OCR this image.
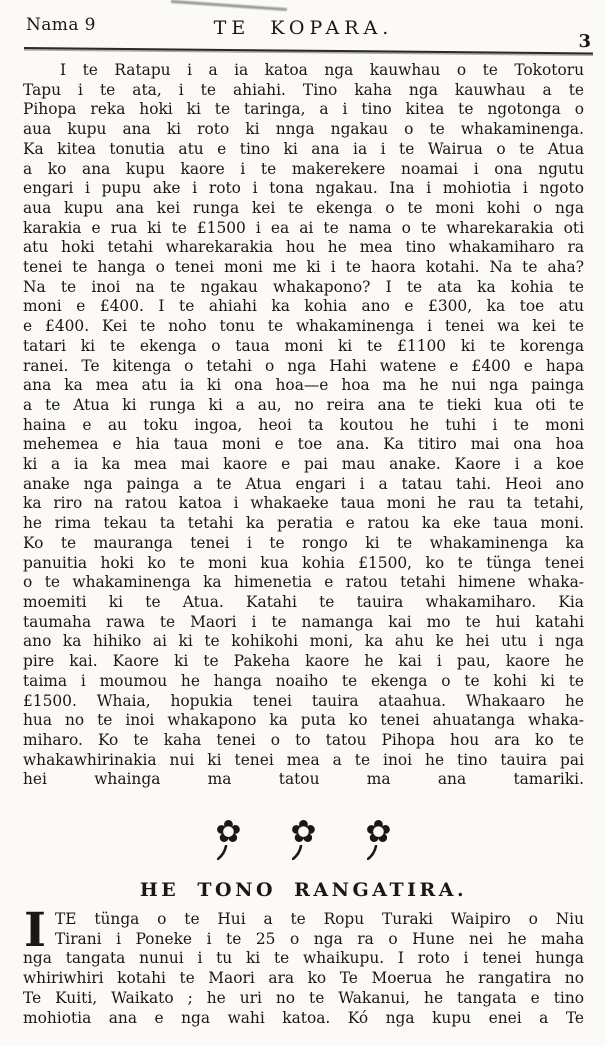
Nama 9	TE KOPARA.
3
I te Ratapu i a ia katoa nga kauwhau o te Tokotoru
Tapu i te ata, i te ahiahi. Tino kaha nga kauwhau a te
Pihopa reka hoki ki te taringa, a i tino kitea te ngotonga o
aua kupu ana ki roto ki nnga ngakau o te whakaminenga.
Ka kitea tonutia atu e tino ki ana ia i te Wairua o te Atua
a ko ana kupu kaore i te makerekere noamai i ona ngutu
engari i pupu ake i roto i tona ngakau. Ina i mohiotia i ngoto
aua kupu ana kei runga kei te ekenga o te moni kohi o nga
karakia e rua ki te £1500 i ea ai te nama o te wharekarakia oti
atu hoki tetahi wharekarakia hou he mea tino whakamiharo ra
tenei te hanga o tenei moni me ki i te haora kotahi. Na te aha?
Na te inoi na te ngakau whakapono? I te ata ka kohia te
moni e £400. I te ahiahi ka kohia ano e £300, ka toe atu
e £400. Kei te noho tonu te whakaminenga i tenei wa kei te
tatari ki te ekenga o taua moni ki te £1100 ki te korenga
ranei. Te kitenga o tetahi o nga Hahi watene e £400 e hapa
ana ka mea atu ia ki ona hoa—e hoa ma he nui nga painga
a te Atua ki runga ki a au, no reira ana te tieki kua oti te
haina e au toku ingoa, heoi ta koutou he tuhi i te moni
mehemea e hia taua moni e toe ana. Ka titiro mai ona hoa
ki a ia ka mea mai kaore e pai mau anake. Kaore i a koe
anake nga painga a te Atua engari i a tatau tahi. Heoi ano
ka riro na ratou katoa i whakaeke taua moni he rau ta tetahi,
he rima tekau ta tetahi ka peratia e ratou ka eke taua moni.
Ko te mauranga tenei i te rongo ki te whakaminenga ka
panuitia hoki ko te moni kua kohia £1500, ko te tünga tenei
o te whakaminenga ka himenetia e ratou tetahi himene whaka-
moemiti ki te Atua. Katahi te tauira whakamiharo. Kia
taumaha rawa te Maori i te namanga kai mo te hui katahi
ano ka hihiko ai ki te kohikohi moni, ka ahu ke hei utu i nga
pire kai. Kaore ki te Pakeha kaore he kai i pau, kaore he
taima i moumou he hanga noaiho te ekenga o te kohi ki te
£1500. Whaia, hopukia tenei tauira ataahua. Whakaaro he
hua no te inoi whakapono ka puta ko tenei ahuatanga whaka-
miharo. Ko te kaha tenei o to tatou Pihopa hou ara ko te
whakawhirinakia nui ki tenei mea a te inoi he tino tauira pai
hei whainga ma tatou ma ana tamariki.
✿ ✿ ✿
HE TONO RANGATIRA.
I TE tünga o te Hui a te Ropu Turaki Waipiro o Niu
Tirani i Poneke i te 25 o nga ra o Hune nei he maha
nga tangata nunui i tu ki te whaikupu. I roto i tenei hunga
whiriwhiri kotahi te Maori ara ko Te Moerua he rangatira no
Te Kuiti, Waikato ; he uri no te Wakanui, he tangata e tino
mohiotia ana e nga wahi katoa. Kó nga kupu enei a Te
